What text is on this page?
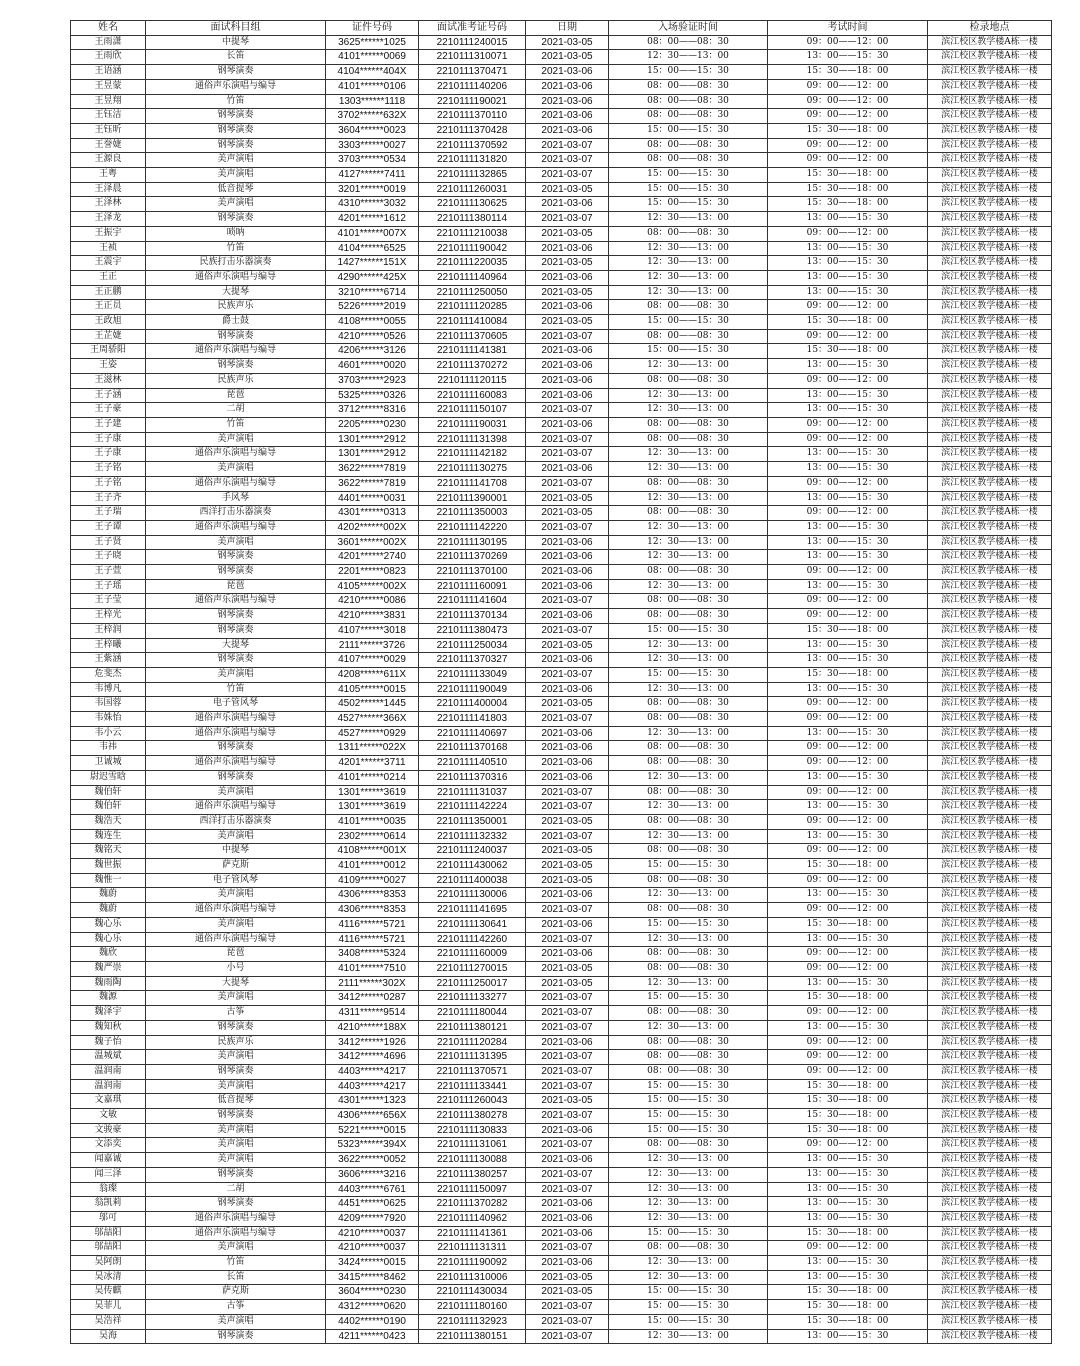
姓名	面试科目组	证件号码	面试准考证号码	日期	入场验证时间	考试时间	检录地点
王雨潇	中提琴	3625******1025	2210111240015	2021-03-05	08：00——08：30	09：00——12：00	滨江校区教学楼A栋一楼
王雨欣	长笛	4101******0069	2210111310071	2021-03-05	12：30——13：00	13：00——15：30	滨江校区教学楼A栋一楼
王语涵	钢琴演奏	4104******404X	2210111370471	2021-03-06	15：00——15：30	15：30——18：00	滨江校区教学楼A栋一楼
王昱蒙	通俗声乐演唱与编导	4101******0106	2210111140206	2021-03-06	08：00——08：30	09：00——12：00	滨江校区教学楼A栋一楼
王昱翔	竹笛	1303******1118	2210111190021	2021-03-06	08：00——08：30	09：00——12：00	滨江校区教学楼A栋一楼
王钰洁	钢琴演奏	3702******632X	2210111370110	2021-03-06	08：00——08：30	09：00——12：00	滨江校区教学楼A栋一楼
王钰昕	钢琴演奏	3604******0023	2210111370428	2021-03-06	15：00——15：30	15：30——18：00	滨江校区教学楼A栋一楼
王誉婕	钢琴演奏	3303******0027	2210111370592	2021-03-07	08：00——08：30	09：00——12：00	滨江校区教学楼A栋一楼
王源良	美声演唱	3703******0534	2210111131820	2021-03-07	08：00——08：30	09：00——12：00	滨江校区教学楼A栋一楼
王粤	美声演唱	4127******7411	2210111132865	2021-03-07	15：00——15：30	15：30——18：00	滨江校区教学楼A栋一楼
王泽晨	低音提琴	3201******0019	2210111260031	2021-03-05	15：00——15：30	15：30——18：00	滨江校区教学楼A栋一楼
王泽林	美声演唱	4310******3032	2210111130625	2021-03-06	15：00——15：30	15：30——18：00	滨江校区教学楼A栋一楼
王泽龙	钢琴演奏	4201******1612	2210111380114	2021-03-07	12：30——13：00	13：00——15：30	滨江校区教学楼A栋一楼
王振宇	唢呐	4101******007X	2210111210038	2021-03-05	08：00——08：30	09：00——12：00	滨江校区教学楼A栋一楼
王祯	竹笛	4104******6525	2210111190042	2021-03-06	12：30——13：00	13：00——15：30	滨江校区教学楼A栋一楼
王震宇	民族打击乐器演奏	1427******151X	2210111220035	2021-03-05	12：30——13：00	13：00——15：30	滨江校区教学楼A栋一楼
王正	通俗声乐演唱与编导	4290******425X	2210111140964	2021-03-06	12：30——13：00	13：00——15：30	滨江校区教学楼A栋一楼
王正鹏	大提琴	3210******6714	2210111250050	2021-03-05	12：30——13：00	13：00——15：30	滨江校区教学楼A栋一楼
王正员	民族声乐	5226******2019	2210111120285	2021-03-06	08：00——08：30	09：00——12：00	滨江校区教学楼A栋一楼
王政旭	爵士鼓	4108******0055	2210111410084	2021-03-05	15：00——15：30	15：30——18：00	滨江校区教学楼A栋一楼
王芷婕	钢琴演奏	4210******0526	2210111370605	2021-03-07	08：00——08：30	09：00——12：00	滨江校区教学楼A栋一楼
王周骄阳	通俗声乐演唱与编导	4206******3126	2210111141381	2021-03-06	15：00——15：30	15：30——18：00	滨江校区教学楼A栋一楼
王姿	钢琴演奏	4601******0020	2210111370272	2021-03-06	12：30——13：00	13：00——15：30	滨江校区教学楼A栋一楼
王滋林	民族声乐	3703******2923	2210111120115	2021-03-06	08：00——08：30	09：00——12：00	滨江校区教学楼A栋一楼
王子涵	琵琶	5325******0326	2210111160083	2021-03-06	12：30——13：00	13：00——15：30	滨江校区教学楼A栋一楼
王子豪	二胡	3712******8316	2210111150107	2021-03-07	12：30——13：00	13：00——15：30	滨江校区教学楼A栋一楼
王子建	竹笛	2205******0230	2210111190031	2021-03-06	08：00——08：30	09：00——12：00	滨江校区教学楼A栋一楼
王子康	美声演唱	1301******2912	2210111131398	2021-03-07	08：00——08：30	09：00——12：00	滨江校区教学楼A栋一楼
王子康	通俗声乐演唱与编导	1301******2912	2210111142182	2021-03-07	12：30——13：00	13：00——15：30	滨江校区教学楼A栋一楼
王子铭	美声演唱	3622******7819	2210111130275	2021-03-06	12：30——13：00	13：00——15：30	滨江校区教学楼A栋一楼
王子铭	通俗声乐演唱与编导	3622******7819	2210111141708	2021-03-07	08：00——08：30	09：00——12：00	滨江校区教学楼A栋一楼
王子齐	手风琴	4401******0031	2210111390001	2021-03-05	12：30——13：00	13：00——15：30	滨江校区教学楼A栋一楼
王子瑞	西洋打击乐器演奏	4301******0313	2210111350003	2021-03-05	08：00——08：30	09：00——12：00	滨江校区教学楼A栋一楼
王子谭	通俗声乐演唱与编导	4202******002X	2210111142220	2021-03-07	12：30——13：00	13：00——15：30	滨江校区教学楼A栋一楼
王子贤	美声演唱	3601******002X	2210111130195	2021-03-06	12：30——13：00	13：00——15：30	滨江校区教学楼A栋一楼
王子晓	钢琴演奏	4201******2740	2210111370269	2021-03-06	12：30——13：00	13：00——15：30	滨江校区教学楼A栋一楼
王子萱	钢琴演奏	2201******0823	2210111370100	2021-03-06	08：00——08：30	09：00——12：00	滨江校区教学楼A栋一楼
王子瑶	琵琶	4105******002X	2210111160091	2021-03-06	12：30——13：00	13：00——15：30	滨江校区教学楼A栋一楼
王子莹	通俗声乐演唱与编导	4210******0086	2210111141604	2021-03-07	08：00——08：30	09：00——12：00	滨江校区教学楼A栋一楼
王梓光	钢琴演奏	4210******3831	2210111370134	2021-03-06	08：00——08：30	09：00——12：00	滨江校区教学楼A栋一楼
王梓润	钢琴演奏	4107******3018	2210111380473	2021-03-07	15：00——15：30	15：30——18：00	滨江校区教学楼A栋一楼
王梓曦	大提琴	2111******3726	2210111250034	2021-03-05	12：30——13：00	13：00——15：30	滨江校区教学楼A栋一楼
王紫涵	钢琴演奏	4107******0029	2210111370327	2021-03-06	12：30——13：00	13：00——15：30	滨江校区教学楼A栋一楼
危斐杰	美声演唱	4208******611X	2210111133049	2021-03-07	15：00——15：30	15：30——18：00	滨江校区教学楼A栋一楼
韦博凡	竹笛	4105******0015	2210111190049	2021-03-06	12：30——13：00	13：00——15：30	滨江校区教学楼A栋一楼
韦国蓉	电子管风琴	4502******1445	2210111400004	2021-03-05	08：00——08：30	09：00——12：00	滨江校区教学楼A栋一楼
韦姝怡	通俗声乐演唱与编导	4527******366X	2210111141803	2021-03-07	08：00——08：30	09：00——12：00	滨江校区教学楼A栋一楼
韦小云	通俗声乐演唱与编导	4527******0929	2210111140697	2021-03-06	12：30——13：00	13：00——15：30	滨江校区教学楼A栋一楼
韦祎	钢琴演奏	1311******022X	2210111370168	2021-03-06	08：00——08：30	09：00——12：00	滨江校区教学楼A栋一楼
卫诚城	通俗声乐演唱与编导	4201******3711	2210111140510	2021-03-06	08：00——08：30	09：00——12：00	滨江校区教学楼A栋一楼
尉迟雪晗	钢琴演奏	4101******0214	2210111370316	2021-03-06	12：30——13：00	13：00——15：30	滨江校区教学楼A栋一楼
魏伯轩	美声演唱	1301******3619	2210111131037	2021-03-07	08：00——08：30	09：00——12：00	滨江校区教学楼A栋一楼
魏伯轩	通俗声乐演唱与编导	1301******3619	2210111142224	2021-03-07	12：30——13：00	13：00——15：30	滨江校区教学楼A栋一楼
魏浩天	西洋打击乐器演奏	4101******0035	2210111350001	2021-03-05	08：00——08：30	09：00——12：00	滨江校区教学楼A栋一楼
魏连生	美声演唱	2302******0614	2210111132332	2021-03-07	12：30——13：00	13：00——15：30	滨江校区教学楼A栋一楼
魏铭天	中提琴	4108******001X	2210111240037	2021-03-05	08：00——08：30	09：00——12：00	滨江校区教学楼A栋一楼
魏世振	萨克斯	4101******0012	2210111430062	2021-03-05	15：00——15：30	15：30——18：00	滨江校区教学楼A栋一楼
魏惟一	电子管风琴	4109******0027	2210111400038	2021-03-05	08：00——08：30	09：00——12：00	滨江校区教学楼A栋一楼
魏蔚	美声演唱	4306******8353	2210111130006	2021-03-06	12：30——13：00	13：00——15：30	滨江校区教学楼A栋一楼
魏蔚	通俗声乐演唱与编导	4306******8353	2210111141695	2021-03-07	08：00——08：30	09：00——12：00	滨江校区教学楼A栋一楼
魏心乐	美声演唱	4116******5721	2210111130641	2021-03-06	15：00——15：30	15：30——18：00	滨江校区教学楼A栋一楼
魏心乐	通俗声乐演唱与编导	4116******5721	2210111142260	2021-03-07	12：30——13：00	13：00——15：30	滨江校区教学楼A栋一楼
魏欣	琵琶	3408******5324	2210111160009	2021-03-06	08：00——08：30	09：00——12：00	滨江校区教学楼A栋一楼
魏严崇	小号	4101******7510	2210111270015	2021-03-05	08：00——08：30	09：00——12：00	滨江校区教学楼A栋一楼
魏雨陶	大提琴	2111******302X	2210111250017	2021-03-05	12：30——13：00	13：00——15：30	滨江校区教学楼A栋一楼
魏源	美声演唱	3412******0287	2210111133277	2021-03-07	15：00——15：30	15：30——18：00	滨江校区教学楼A栋一楼
魏泽宇	古筝	4311******9514	2210111180044	2021-03-07	08：00——08：30	09：00——12：00	滨江校区教学楼A栋一楼
魏知秋	钢琴演奏	4210******188X	2210111380121	2021-03-07	12：30——13：00	13：00——15：30	滨江校区教学楼A栋一楼
魏子怡	民族声乐	3412******1926	2210111120284	2021-03-06	08：00——08：30	09：00——12：00	滨江校区教学楼A栋一楼
温城斌	美声演唱	3412******4696	2210111131395	2021-03-07	08：00——08：30	09：00——12：00	滨江校区教学楼A栋一楼
温润南	钢琴演奏	4403******4217	2210111370571	2021-03-07	08：00——08：30	09：00——12：00	滨江校区教学楼A栋一楼
温润南	美声演唱	4403******4217	2210111133441	2021-03-07	15：00——15：30	15：30——18：00	滨江校区教学楼A栋一楼
文嘉琪	低音提琴	4301******1323	2210111260043	2021-03-05	15：00——15：30	15：30——18：00	滨江校区教学楼A栋一楼
文敏	钢琴演奏	4306******656X	2210111380278	2021-03-07	15：00——15：30	15：30——18：00	滨江校区教学楼A栋一楼
文骏豪	美声演唱	5221******0015	2210111130833	2021-03-06	15：00——15：30	15：30——18：00	滨江校区教学楼A栋一楼
文添奕	美声演唱	5323******394X	2210111131061	2021-03-07	08：00——08：30	09：00——12：00	滨江校区教学楼A栋一楼
闻嘉诚	美声演唱	3622******0052	2210111130088	2021-03-06	12：30——13：00	13：00——15：30	滨江校区教学楼A栋一楼
闻三泽	钢琴演奏	3606******3216	2210111380257	2021-03-07	12：30——13：00	13：00——15：30	滨江校区教学楼A栋一楼
翁璨	二胡	4403******6761	2210111150097	2021-03-07	12：30——13：00	13：00——15：30	滨江校区教学楼A栋一楼
翁凯莉	钢琴演奏	4451******0625	2210111370282	2021-03-06	12：30——13：00	13：00——15：30	滨江校区教学楼A栋一楼
邬可	通俗声乐演唱与编导	4209******7920	2210111140962	2021-03-06	12：30——13：00	13：00——15：30	滨江校区教学楼A栋一楼
邬喆阳	通俗声乐演唱与编导	4210******0037	2210111141361	2021-03-06	15：00——15：30	15：30——18：00	滨江校区教学楼A栋一楼
邬喆阳	美声演唱	4210******0037	2210111131311	2021-03-07	08：00——08：30	09：00——12：00	滨江校区教学楼A栋一楼
吴阿朗	竹笛	3424******0015	2210111190092	2021-03-06	12：30——13：00	13：00——15：30	滨江校区教学楼A栋一楼
吴冰清	长笛	3415******8462	2210111310006	2021-03-05	12：30——13：00	13：00——15：30	滨江校区教学楼A栋一楼
吴传麒	萨克斯	3604******0230	2210111430034	2021-03-05	15：00——15：30	15：30——18：00	滨江校区教学楼A栋一楼
吴菲儿	古筝	4312******0620	2210111180160	2021-03-07	15：00——15：30	15：30——18：00	滨江校区教学楼A栋一楼
吴浩祥	美声演唱	4402******0190	2210111132923	2021-03-07	15：00——15：30	15：30——18：00	滨江校区教学楼A栋一楼
吴海	钢琴演奏	4211******0423	2210111380151	2021-03-07	12：30——13：00	13：00——15：30	滨江校区教学楼A栋一楼
